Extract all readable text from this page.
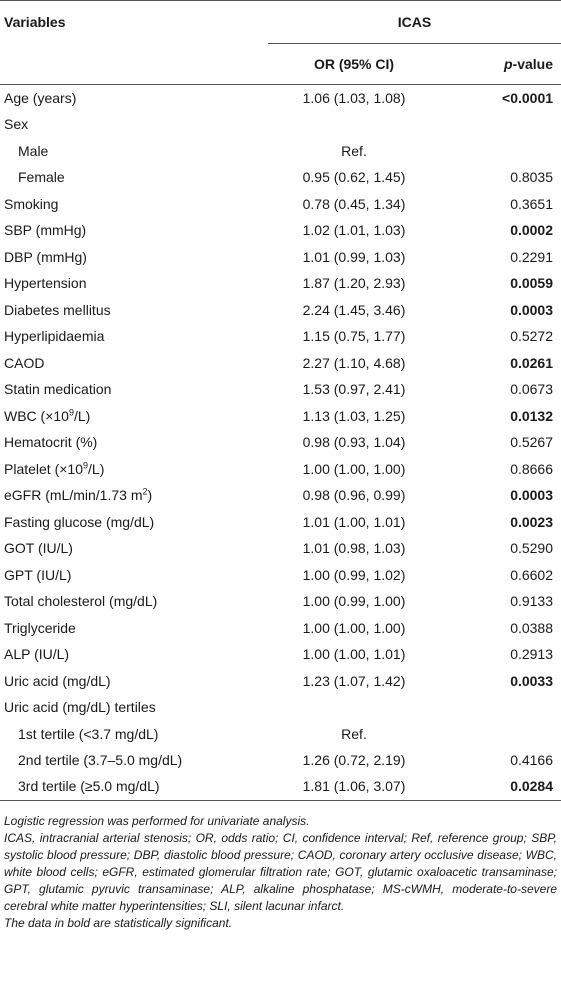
Variables	ICAS	
	OR (95% CI)	p-value
Age (years)	1.06 (1.03, 1.08)	<0.0001
Sex		
Male	Ref.	
Female	0.95 (0.62, 1.45)	0.8035
Smoking	0.78 (0.45, 1.34)	0.3651
SBP (mmHg)	1.02 (1.01, 1.03)	0.0002
DBP (mmHg)	1.01 (0.99, 1.03)	0.2291
Hypertension	1.87 (1.20, 2.93)	0.0059
Diabetes mellitus	2.24 (1.45, 3.46)	0.0003
Hyperlipidaemia	1.15 (0.75, 1.77)	0.5272
CAOD	2.27 (1.10, 4.68)	0.0261
Statin medication	1.53 (0.97, 2.41)	0.0673
WBC $(\times 10^9/L)$	1.13 (1.03, 1.25)	0.0132
Hematocrit (%)	0.98 (0.93, 1.04)	0.5267
Platelet $(\times 10^9/L)$	1.00 (1.00, 1.00)	0.8666
eGFR (mL/min/1.73 $m^2$)	0.98 (0.96, 0.99)	0.0003
Fasting glucose (mg/dL)	1.01 (1.00, 1.01)	0.0023
GOT (IU/L)	1.01 (0.98, 1.03)	0.5290
GPT (IU/L)	1.00 (0.99, 1.02)	0.6602
Total cholesterol (mg/dL)	1.00 (0.99, 1.00)	0.9133
Triglyceride	1.00 (1.00, 1.00)	0.0388
ALP (IU/L)	1.00 (1.00, 1.01)	0.2913
Uric acid (mg/dL)	1.23 (1.07, 1.42)	0.0033
Uric acid (mg/dL) tertiles		
1st tertile (<3.7 mg/dL)	Ref.	
2nd tertile (3.7–5.0 mg/dL)	1.26 (0.72, 2.19)	0.4166
3rd tertile (≥5.0 mg/dL)	1.81 (1.06, 3.07)	0.0284

Logistic regression was performed for univariate analysis.

ICAS, intracranial arterial stenosis; OR, odds ratio; CI, confidence interval; Ref, reference group; SBP, systolic blood pressure; DBP, diastolic blood pressure; CAOD, coronary artery occlusive disease; WBC, white blood cells; eGFR, estimated glomerular filtration rate; GOT, glutamic oxaloacetic transaminase; GPT, glutamic pyruvic transaminase; ALP, alkaline phosphatase; MS-cWMH, moderate-to-severe cerebral white matter hyperintensities; SLI, silent lacunar infarct.

The data in bold are statistically significant.
